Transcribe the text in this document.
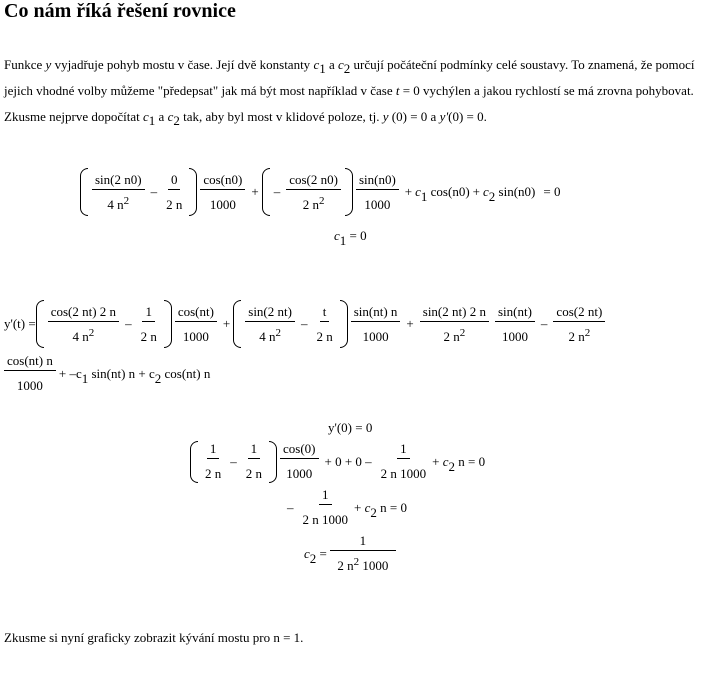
Co nám říká řešení rovnice

Funkce y vyjadřuje pohyb mostu v čase. Její dvě konstanty $c_1$ a $c_2$ určují počáteční podmínky celé soustavy. To znamená, že pomocí jejich vhodné volby můžeme "předepsat" jak má být most například v čase t = 0 vychýlen a jakou rychlostí se má zrovna pohybovat. Zkusme nejprve dopočítat $c_1$ a $c_2$ tak, aby byl most v klidové poloze, tj. y (0) = 0 a y'(0) = 0.

$\frac{\sin(2 n0)}{4 n^2} - \frac{0}{2 n} \frac{\cos(n0)}{1000}$ + – $\frac{\cos(2 n0)}{2 n^2} \frac{\sin(n0)}{1000} + c_1$ $\cos(n0) + c_2$ sin(n0) = 0
$c_1 = 0$
$y'(t) = \frac{\cos(2 nt) 2 n}{4 n^2} - \frac{1}{2 n} \frac{\cos(nt)}{1000} + \frac{\sin(2 nt)}{4 n^2} - \frac{t}{2 n} \frac{\sin(nt) n}{1000} + \frac{\sin(2 nt) 2 n}{2 n^2} \frac{\sin(nt)}{1000} - \frac{\cos(2 nt)}{2 n^2}$
$\frac{\cos(nt) n}{1000} + -c_1$ sin(nt) $n + c_2$ cos(nt) n
y'(0) = 0
$\frac{1}{2 n} - \frac{1}{2 n} \frac{\cos(0)}{1000} + 0 + 0 - \frac{1}{2 n 1000} + c_2$ n = 0
– $\frac{1}{2 n 1000} + c_2$ n = 0
$c_2 = \frac{1}{2 n^2 1000}$

Zkusme si nyní graficky zobrazit kývání mostu pro n = 1.
